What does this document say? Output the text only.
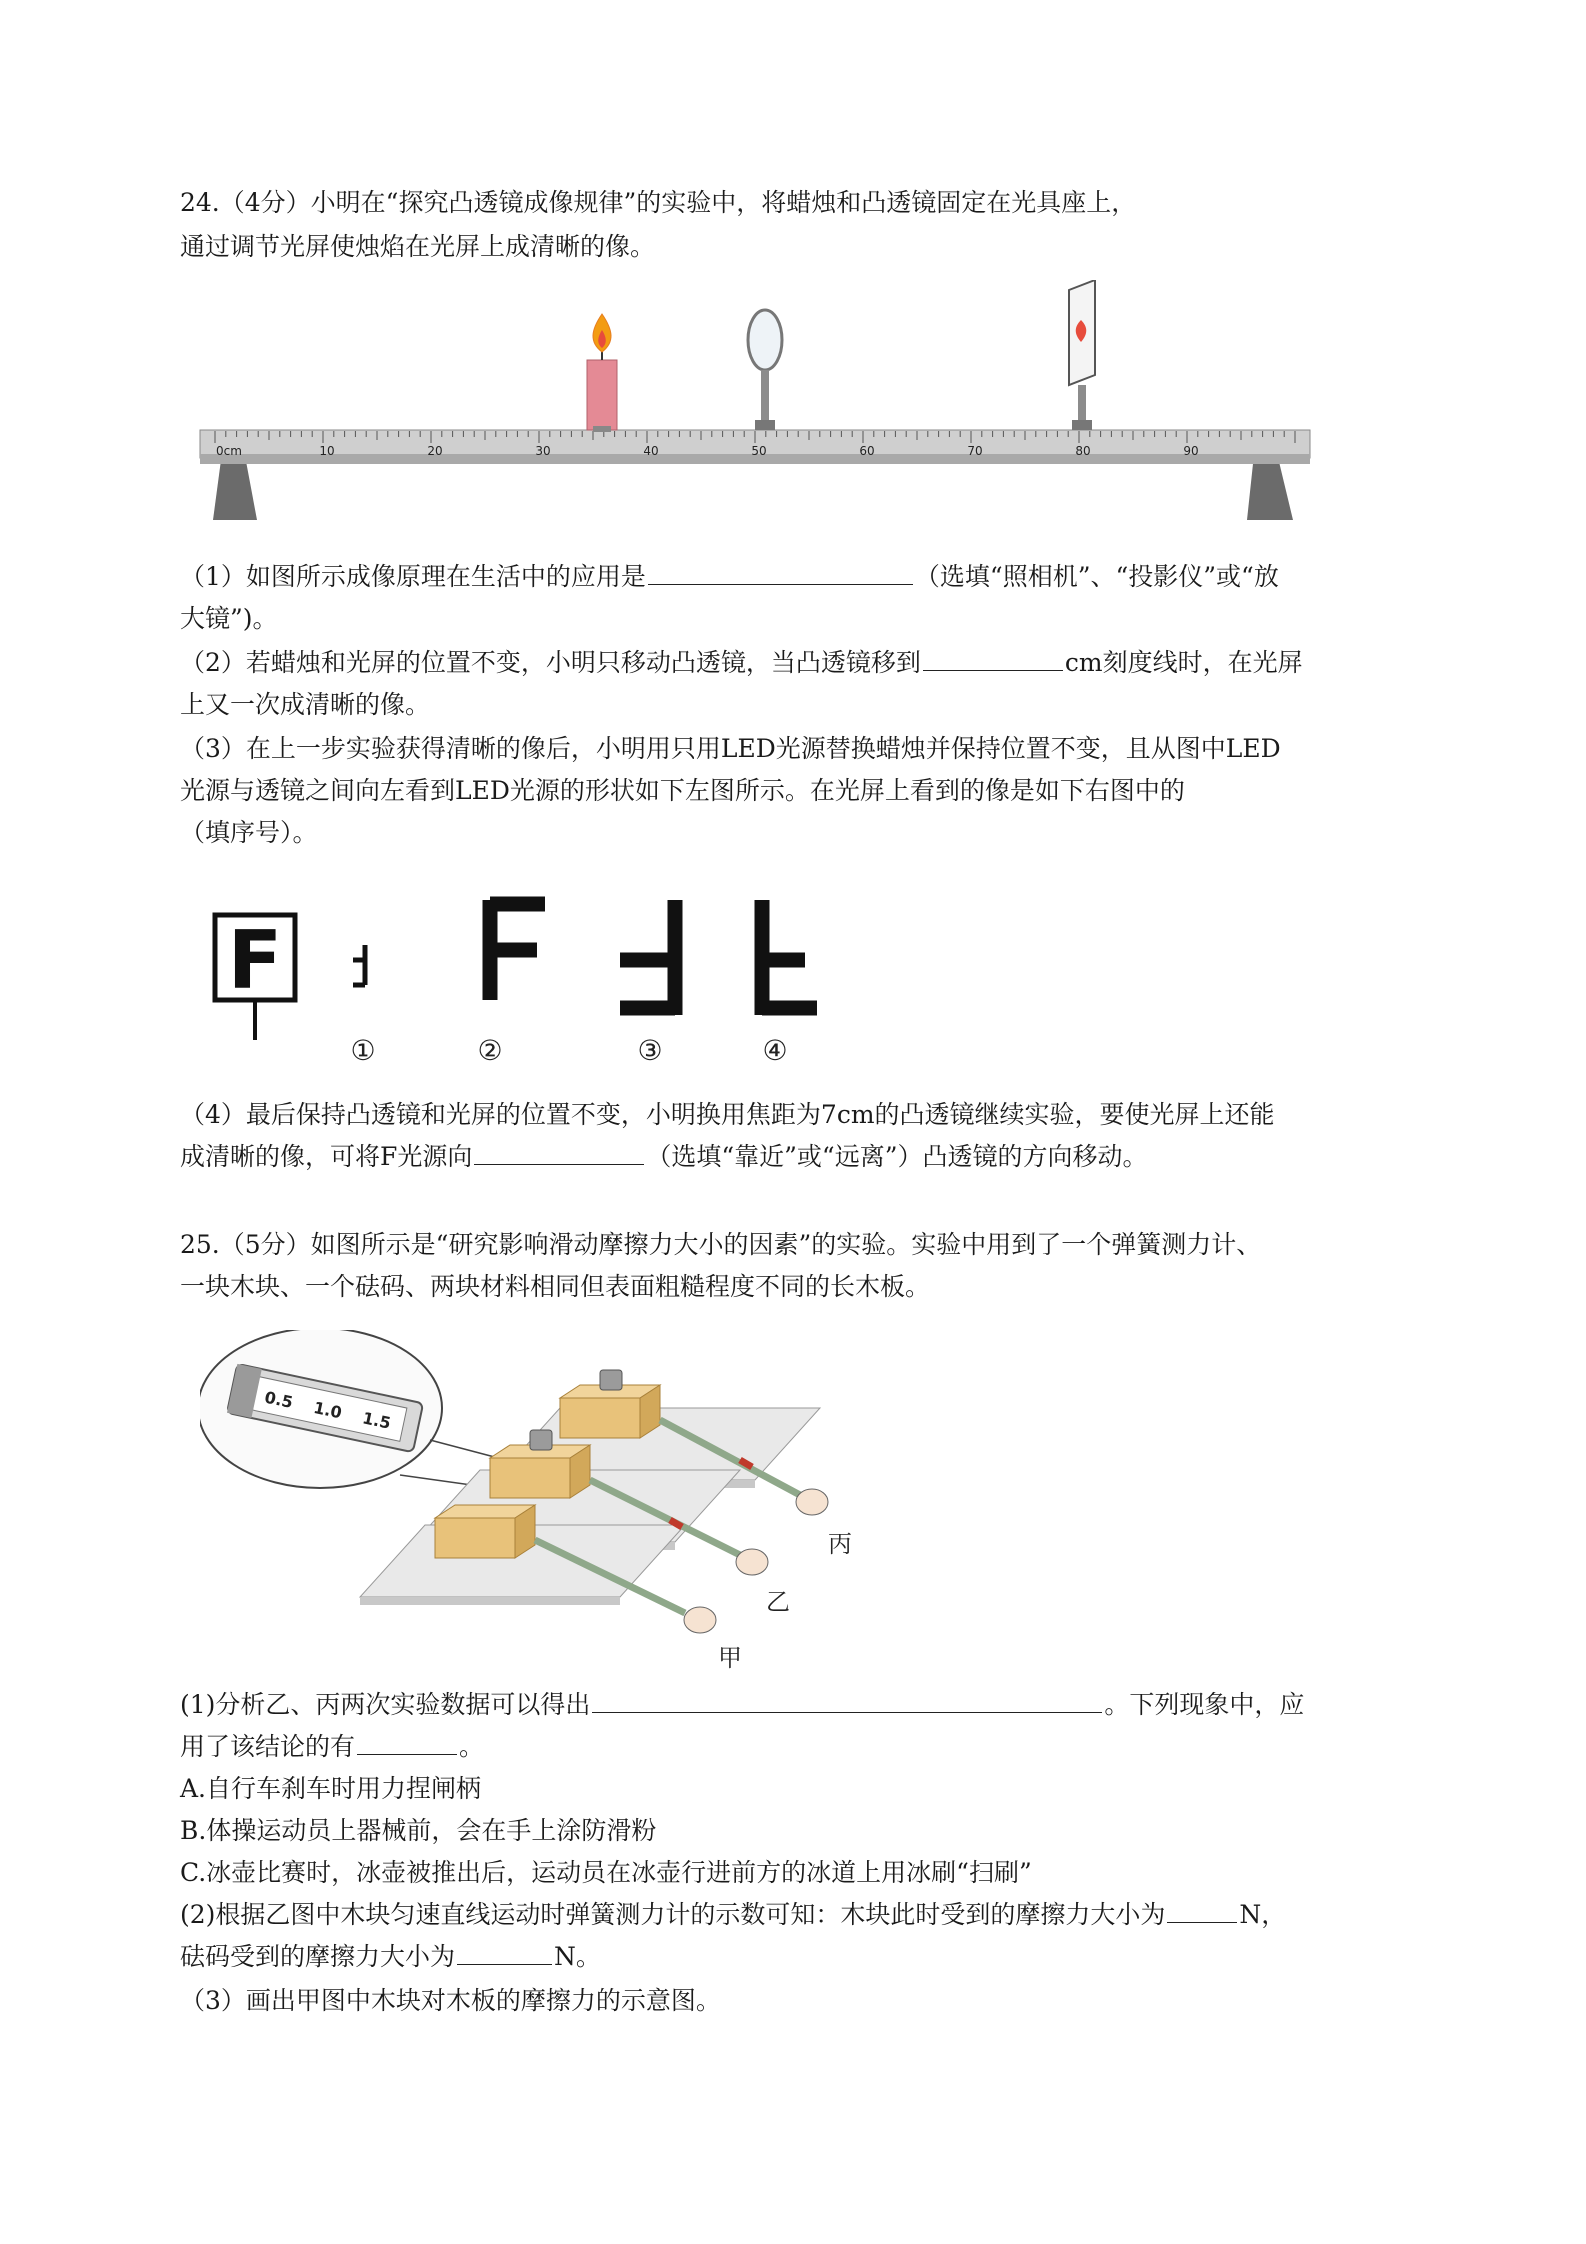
24.（4分）小明在“探究凸透镜成像规律”的实验中，将蜡烛和凸透镜固定在光具座上，
通过调节光屏使烛焰在光屏上成清晰的像。
0cm	10	20	30	40	50	60	70	80	90
（1）如图所示成像原理在生活中的应用是	（选填“照相机”、“投影仪”或“放
大镜”)。
（2）若蜡烛和光屏的位置不变，小明只移动凸透镜，当凸透镜移到	cm刻度线时，在光屏
上又一次成清晰的像。
（3）在上一步实验获得清晰的像后，小明用只用LED光源替换蜡烛并保持位置不变，且从图中LED
光源与透镜之间向左看到LED光源的形状如下左图所示。在光屏上看到的像是如下右图中的
（填序号）。
F
①	②	③	④
（4）最后保持凸透镜和光屏的位置不变，小明换用焦距为7cm的凸透镜继续实验，要使光屏上还能
成清晰的像，可将F光源向	（选填“靠近”或“远离”）凸透镜的方向移动。
25.（5分）如图所示是“研究影响滑动摩擦力大小的因素”的实验。实验中用到了一个弹簧测力计、
一块木块、一个砝码、两块材料相同但表面粗糙程度不同的长木板。
0.5 1.0 1.5
丙
乙
甲
(1)分析乙、丙两次实验数据可以得出	。下列现象中，应
用了该结论的有	。
A.自行车刹车时用力捏闸柄
B.体操运动员上器械前，会在手上涂防滑粉
C.冰壶比赛时，冰壶被推出后，运动员在冰壶行进前方的冰道上用冰刷“扫刷”
(2)根据乙图中木块匀速直线运动时弹簧测力计的示数可知：木块此时受到的摩擦力大小为	N，
砝码受到的摩擦力大小为	N。
（3）画出甲图中木块对木板的摩擦力的示意图。
